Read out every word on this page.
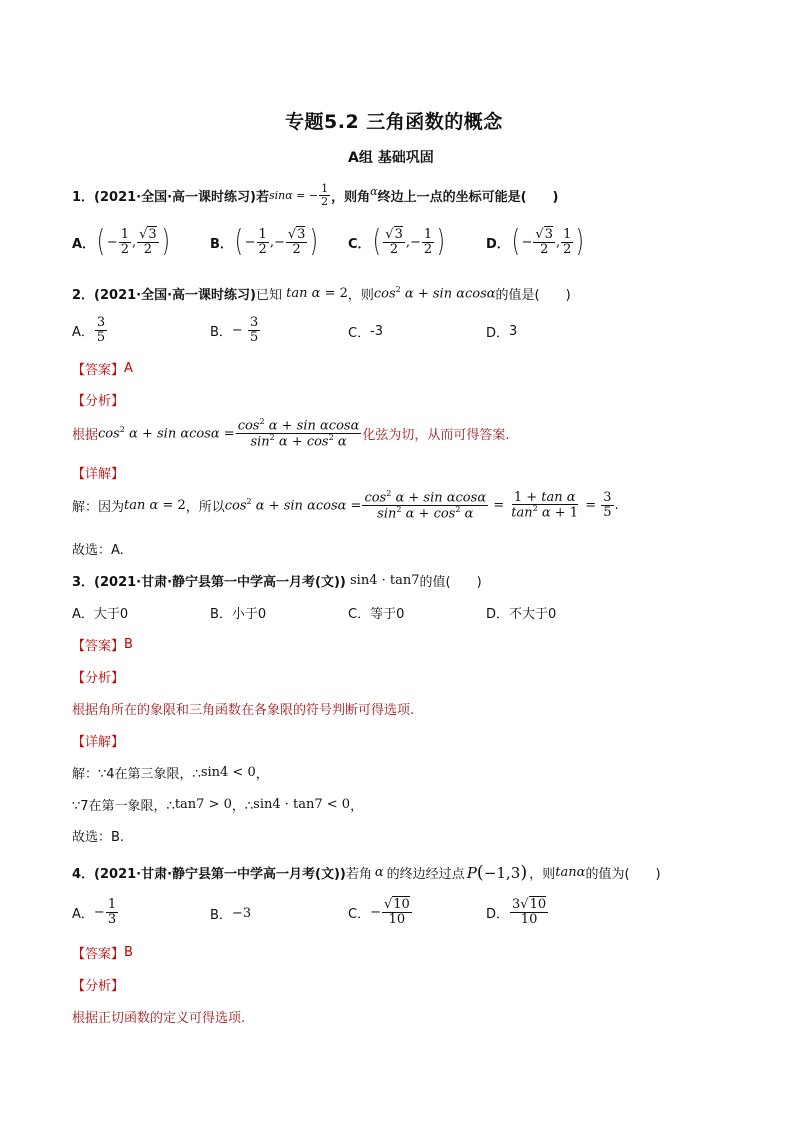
专题5.2 三角函数的概念
A组 基础巩固
1．(2021·全国·高一课时练习)若 sin α = − $\frac{1}{2}$ ，则角 α 终边上一点的坐标可能是(　　)
A． ( − $\frac{1}{2}$ , $\frac{√3}{2}$ )	B． ( − $\frac{1}{2}$ ,− $\frac{√3}{2}$ ) C． ( $\frac{√3}{2}$ ,− $\frac{1}{2}$ )	D． ( − $\frac{√3}{2}$ , $\frac{1}{2}$ )
2．(2021·全国·高一课时练习) 已知 tan α = 2 ，则 $\cos^2 \alpha + \sin \alpha\cos\alpha$ 的值是(　　)
A． $\frac{3}{5}$	B． − $\frac{3}{5}$	C． -3	D． 3
【答案】 A
【分析】
根据 $\cos^2 \alpha + \sin \alpha\cos\alpha = \frac{\cos^2 \alpha + \sin \alpha\cos\alpha}{\sin^2 \alpha + \cos^2 \alpha}$ 化弦为切，从而可得答案.
【详解】
解：因为 tan α = 2 ，所以 $\cos^2 \alpha + \sin \alpha\cos\alpha = \frac{\cos^2 \alpha + \sin \alpha\cos\alpha}{\sin^2 \alpha + \cos^2 \alpha} = \frac{\text{1 + tan α}}{\tan^2 \alpha + 1} = \frac{3}{5}$ .
故选：A.
3．(2021·甘肃·静宁县第一中学高一月考(文)) sin4 · tan7 的值(　　)
A． 大于0	B． 小于0	C． 等于0	D． 不大于0
【答案】 B
【分析】
根据角所在的象限和三角函数在各象限的符号判断可得选项.
【详解】
解：∵4在第三象限，∴ sin4 < 0 ，
∵7在第一象限，∴ tan7 > 0 ，∴ sin4 · tan7 < 0 ，
故选：B.
4．(2021·甘肃·静宁县第一中学高一月考(文)) 若角 α 的终边经过点 P(−1,3) ，则 tanα 的值为(　　)
A． − $\frac{1}{3}$	B． −3	C． − $\frac{√10}{10}$	D． $\frac{3√10}{10}$
【答案】 B
【分析】
根据正切函数的定义可得选项.
